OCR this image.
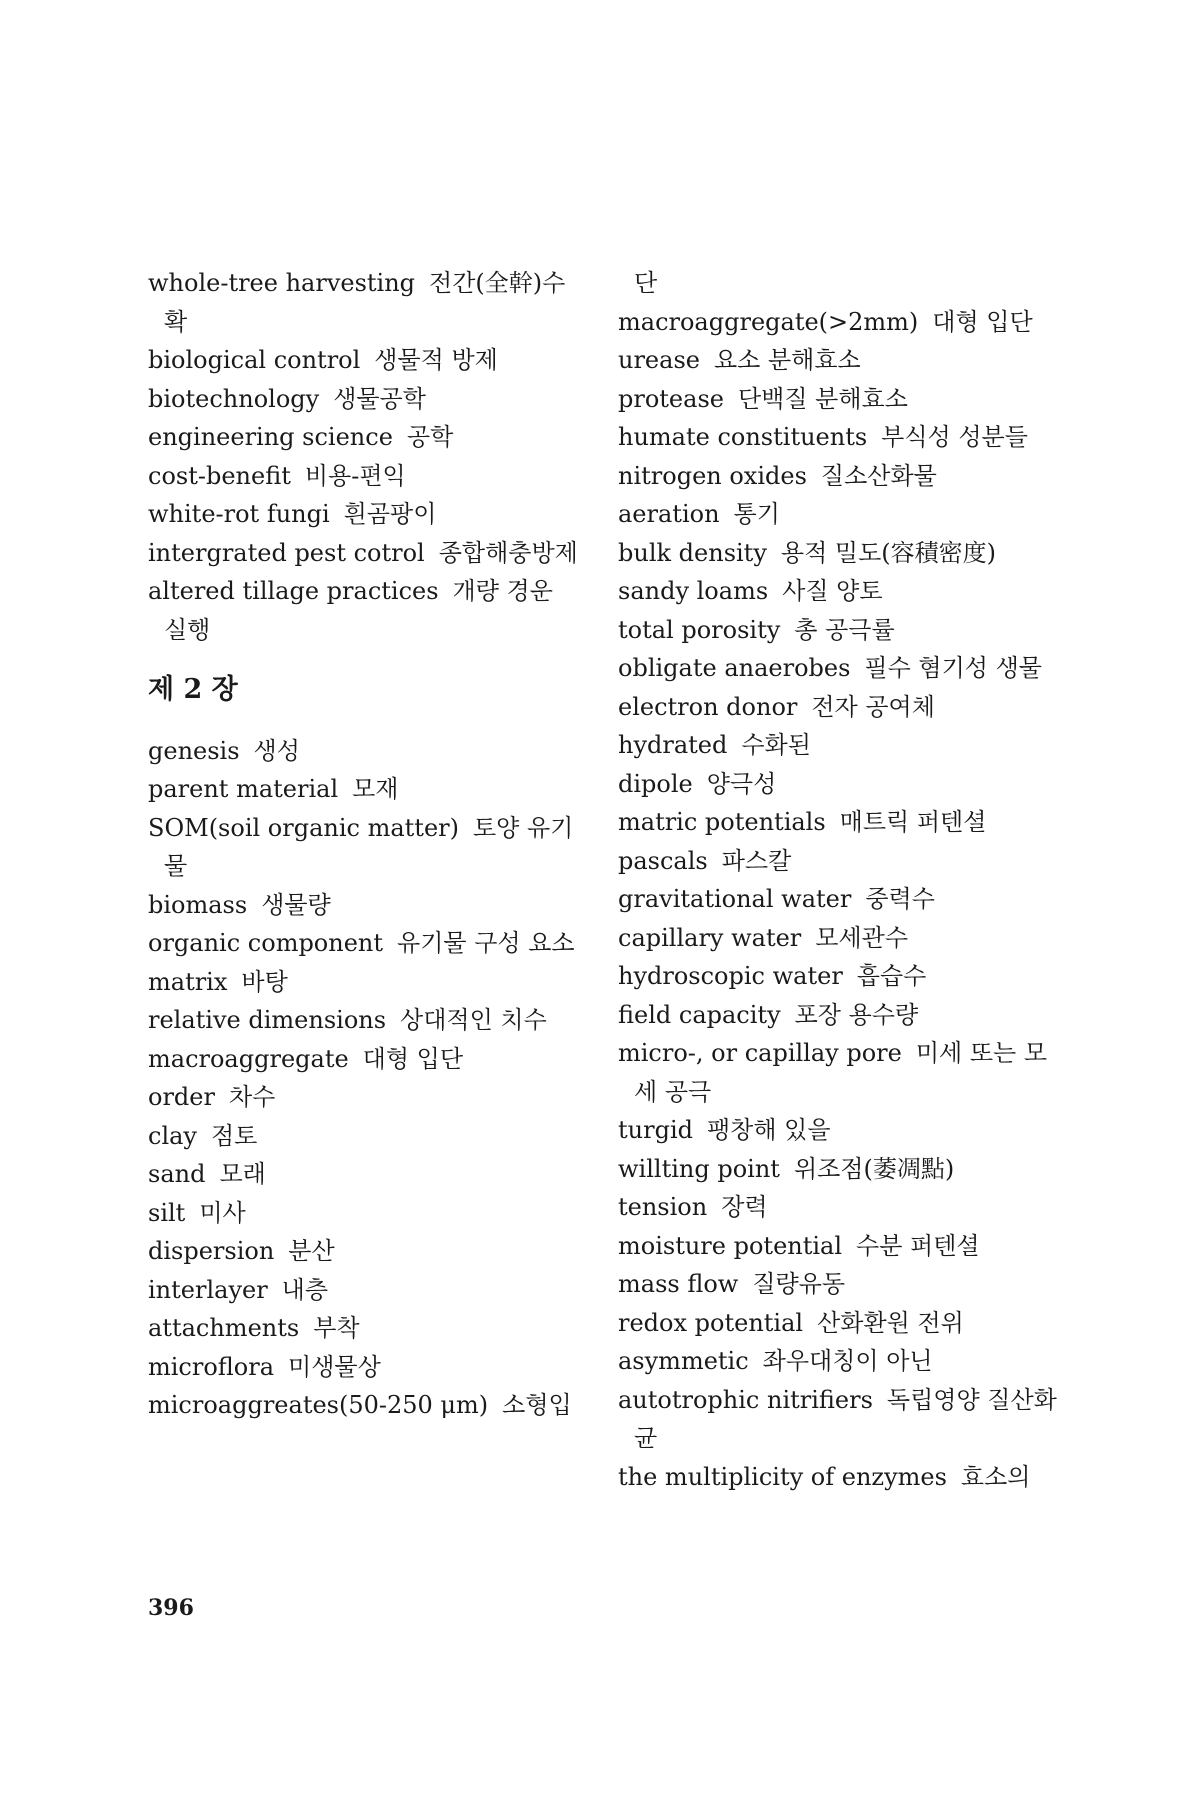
whole-tree harvesting 전간(全幹)수 확
biological control 생물적 방제
biotechnology 생물공학
engineering science 공학
cost-benefit 비용-편익
white-rot fungi 흰곰팡이
intergrated pest cotrol 종합해충방제
altered tillage practices 개량 경운 실행
제 2 장
genesis 생성
parent material 모재
SOM(soil organic matter) 토양 유기물
biomass 생물량
organic component 유기물 구성 요소
matrix 바탕
relative dimensions 상대적인 치수
macroaggregate 대형 입단
order 차수
clay 점토
sand 모래
silt 미사
dispersion 분산
interlayer 내층
attachments 부착
microflora 미생물상
microaggreates(50-250 μm) 소형입
단
macroaggregate(>2mm) 대형 입단
urease 요소 분해효소
protease 단백질 분해효소
humate constituents 부식성 성분들
nitrogen oxides 질소산화물
aeration 통기
bulk density 용적 밀도(容積密度)
sandy loams 사질 양토
total porosity 총 공극률
obligate anaerobes 필수 혐기성 생물
electron donor 전자 공여체
hydrated 수화된
dipole 양극성
matric potentials 매트릭 퍼텐셜
pascals 파스칼
gravitational water 중력수
capillary water 모세관수
hydroscopic water 흡습수
field capacity 포장 용수량
micro-, or capillay pore 미세 또는 모세 공극
turgid 팽창해 있을
willting point 위조점(萎凋點)
tension 장력
moisture potential 수분 퍼텐셜
mass flow 질량유동
redox potential 산화환원 전위
asymmetic 좌우대칭이 아닌
autotrophic nitrifiers 독립영양 질산화균
the multiplicity of enzymes 효소의
396
